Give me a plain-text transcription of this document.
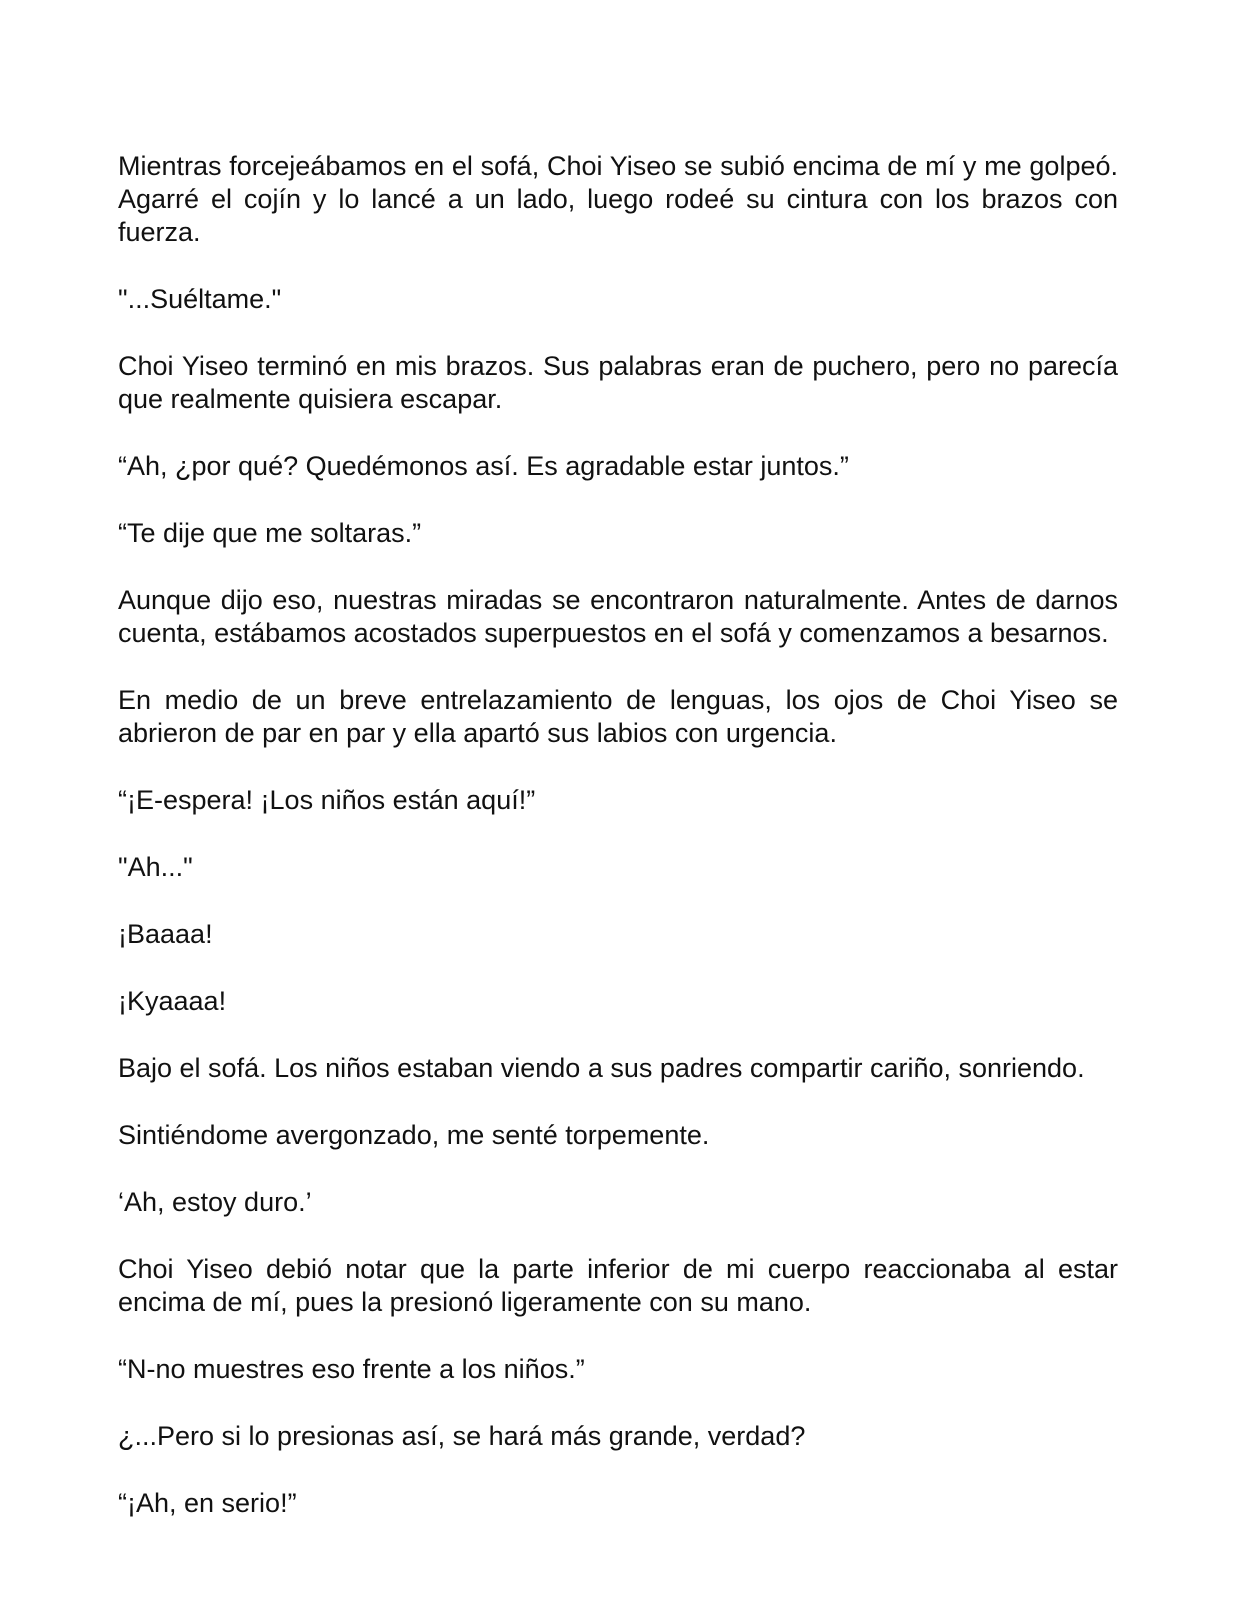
Mientras forcejeábamos en el sofá, Choi Yiseo se subió encima de mí y me golpeó. Agarré el cojín y lo lancé a un lado, luego rodeé su cintura con los brazos con fuerza.

"...Suéltame."

Choi Yiseo terminó en mis brazos. Sus palabras eran de puchero, pero no parecía que realmente quisiera escapar.

“Ah, ¿por qué? Quedémonos así. Es agradable estar juntos.”

“Te dije que me soltaras.”

Aunque dijo eso, nuestras miradas se encontraron naturalmente. Antes de darnos cuenta, estábamos acostados superpuestos en el sofá y comenzamos a besarnos.

En medio de un breve entrelazamiento de lenguas, los ojos de Choi Yiseo se abrieron de par en par y ella apartó sus labios con urgencia.

“¡E-espera! ¡Los niños están aquí!”

"Ah..."

¡Baaaa!

¡Kyaaaa!

Bajo el sofá. Los niños estaban viendo a sus padres compartir cariño, sonriendo.

Sintiéndome avergonzado, me senté torpemente.

‘Ah, estoy duro.’

Choi Yiseo debió notar que la parte inferior de mi cuerpo reaccionaba al estar encima de mí, pues la presionó ligeramente con su mano.

“N-no muestres eso frente a los niños.”

¿...Pero si lo presionas así, se hará más grande, verdad?

“¡Ah, en serio!”
